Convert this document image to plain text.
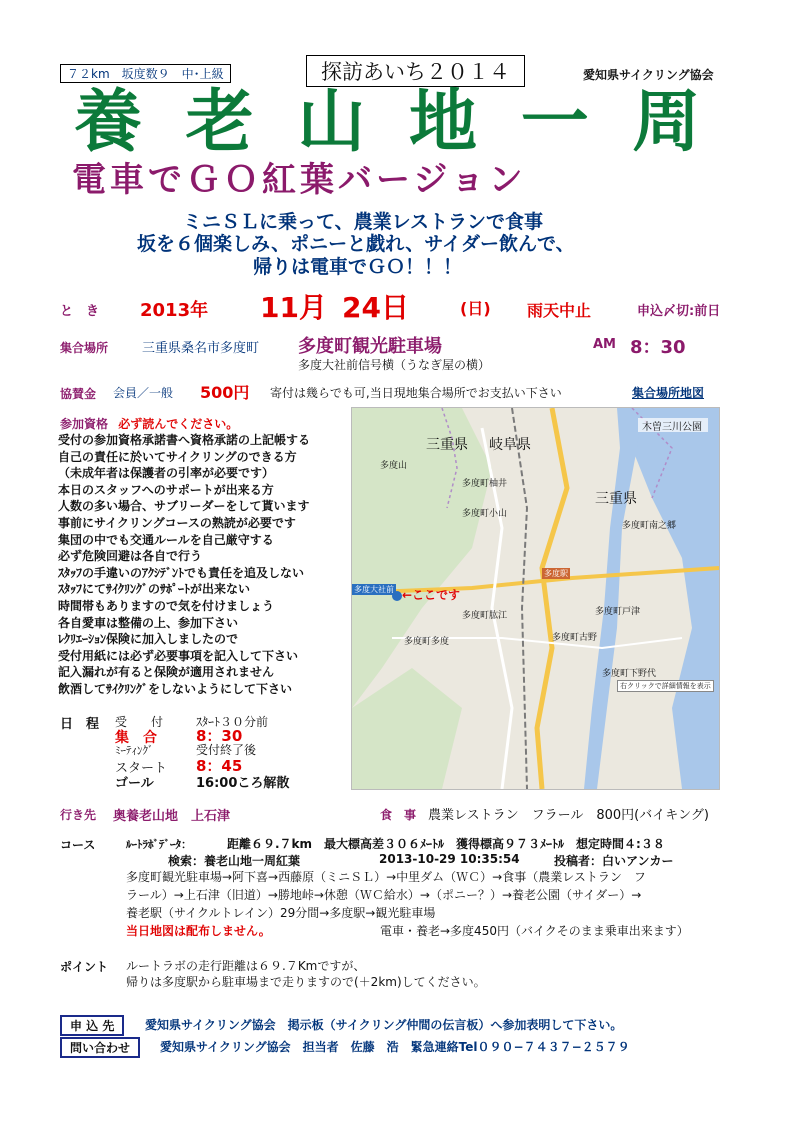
７２km　坂度数９　中･上級	探訪あいち２０１４	愛知県サイクリング協会
養 老 山 地 一 周
電車でＧＯ紅葉バージョン
ミニＳＬに乗って、農業レストランで食事
坂を６個楽しみ、ポニーと戯れ、サイダー飲んで、
帰りは電車でＧＯ！！！
と　き 2013年 11月 24日	(日) 雨天中止	申込〆切:前日
集合場所	三重県桑名市多度町 多度町観光駐車場	AM 8：30
多度大社前信号横（うなぎ屋の横）
協賛金 会員／一般 500円 寄付は幾らでも可,当日現地集合場所でお支払い下さい	集合場所地図
参加資格 必ず読んでください。
受付の参加資格承諾書へ資格承諾の上記帳する
自己の責任に於いてサイクリングのできる方
（未成年者は保護者の引率が必要です）
本日のスタッフへのサポートが出来る方
人数の多い場合、サブリーダーをして貰います
事前にサイクリングコースの熟読が必要です
集団の中でも交通ルールを自己厳守する
必ず危険回避は各自で行う
ｽﾀｯﾌの手違いのｱｸｼﾃﾞﾝﾄでも責任を追及しない
ｽﾀｯﾌにてｻｲｸﾘﾝｸﾞのｻﾎﾟｰﾄが出来ない
時間帯もありますので気を付けましょう
各自愛車は整備の上、参加下さい
ﾚｸﾘｴｰｼｮﾝ保険に加入しましたので
受付用紙には必ず必要事項を記入して下さい
記入漏れが有ると保険が適用されません
飲酒してｻｲｸﾘﾝｸﾞをしないようにして下さい
日　程 受　　付	ｽﾀｰﾄ３０分前
集　合	8：30
ﾐｰﾃｨﾝｸﾞ	受付終了後
スタート 8：45
ゴール	16:00ころ解散
三重県 岐阜県
三重県
木曽三川公園
多度山
多度町柚井
多度町小山
多度大社前 ←ここです
多度駅
多度町肱江	多度町戸津
多度町多度	多度町古野
多度町南之郷
多度町下野代
右クリックで詳細情報を表示
行き先 奥養老山地　上石津	食　事 農業レストラン　フラール　800円(バイキング)
コース	ﾙｰﾄﾗﾎﾞﾃﾞｰﾀ：	距離６９.７km　最大標高差３０６ﾒｰﾄﾙ　獲得標高９７３ﾒｰﾄﾙ　想定時間４:３８
検索：養老山地一周紅葉	2013-10-29 10:35:54	投稿者：白いアンカー
多度町観光駐車場→阿下喜→西藤原（ミニＳＬ）→中里ダム（ＷＣ）→食事（農業レストラン　フ
ラール）→上石津（旧道）→勝地峠→休憩（ＷＣ給水）→（ポニー？）→養老公園（サイダー）→
養老駅（サイクルトレイン）29分間→多度駅→観光駐車場
当日地図は配布しません。	電車・養老→多度450円（バイクそのまま乗車出来ます）
ポイント ルートラボの走行距離は６９.７Kmですが、
帰りは多度駅から駐車場まで走りますので(＋2km)してください。
申 込 先	愛知県サイクリング協会　掲示板（サイクリング仲間の伝言板）へ参加表明して下さい。
問い合わせ	愛知県サイクリング協会　担当者　佐藤　浩　緊急連絡Tel０９０−７４３７−２５７９
